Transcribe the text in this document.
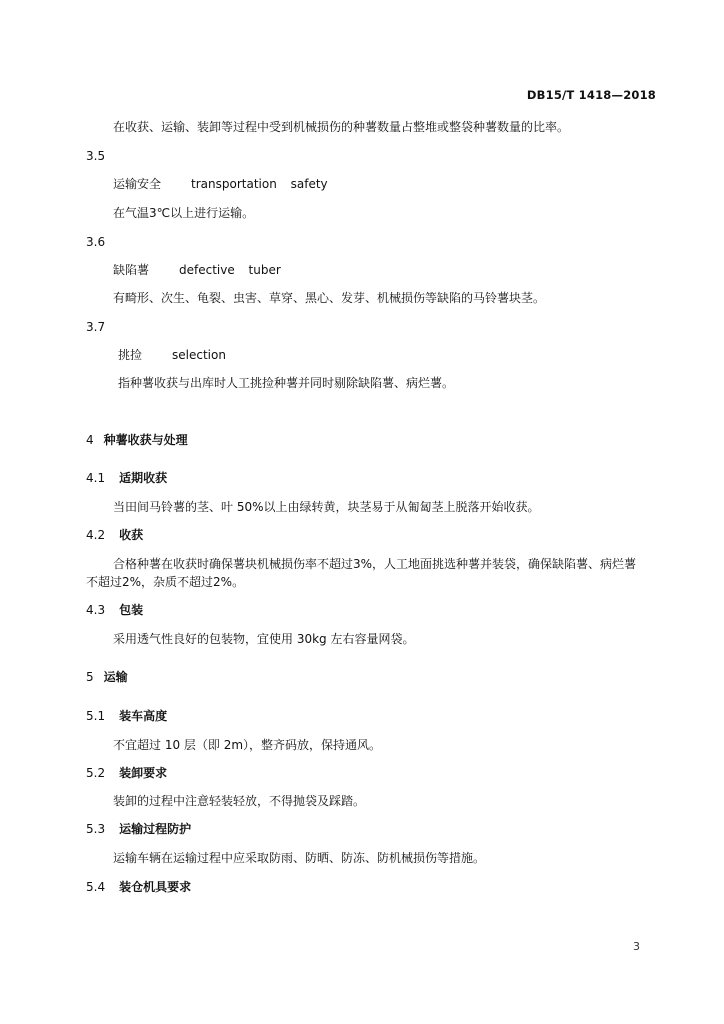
DB15/T 1418—2018
在收获、运输、装卸等过程中受到机械损伤的种薯数量占整堆或整袋种薯数量的比率。
3.5
运输安全	transportation safety
在气温3℃以上进行运输。
3.6
缺陷薯	defective tuber
有畸形、次生、龟裂、虫害、草穿、黑心、发芽、机械损伤等缺陷的马铃薯块茎。
3.7
挑捡	selection
指种薯收获与出库时人工挑捡种薯并同时剔除缺陷薯、病烂薯。
4 种薯收获与处理
4.1 适期收获
当田间马铃薯的茎、叶 50%以上由绿转黄，块茎易于从匍匐茎上脱落开始收获。
4.2 收获
合格种薯在收获时确保薯块机械损伤率不超过3%，人工地面挑选种薯并装袋，确保缺陷薯、病烂薯
不超过2%，杂质不超过2%。
4.3 包装
采用透气性良好的包装物，宜使用 30kg 左右容量网袋。
5 运输
5.1 装车高度
不宜超过 10 层（即 2m），整齐码放，保持通风。
5.2 装卸要求
装卸的过程中注意轻装轻放，不得抛袋及踩踏。
5.3 运输过程防护
运输车辆在运输过程中应采取防雨、防晒、防冻、防机械损伤等措施。
5.4 装仓机具要求
3
